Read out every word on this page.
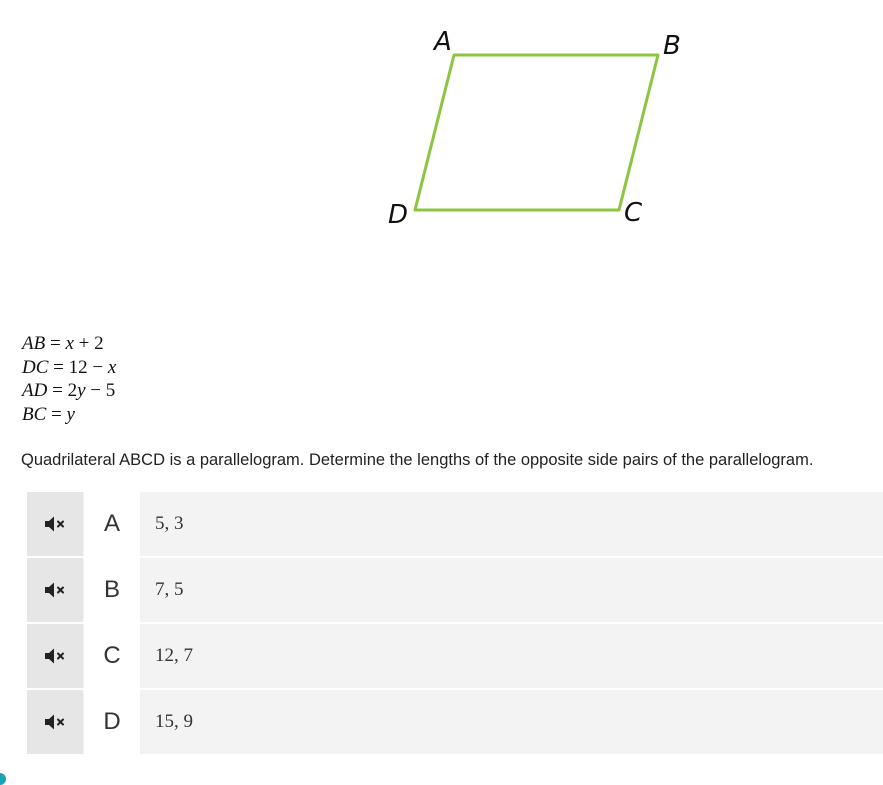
A	B
C
D
AB = x + 2
DC = 12 − x
AD = 2y − 5
BC = y
Quadrilateral ABCD is a parallelogram. Determine the lengths of the opposite side pairs of the parallelogram.
A	5, 3
B	7, 5
C	12, 7
D	15, 9
